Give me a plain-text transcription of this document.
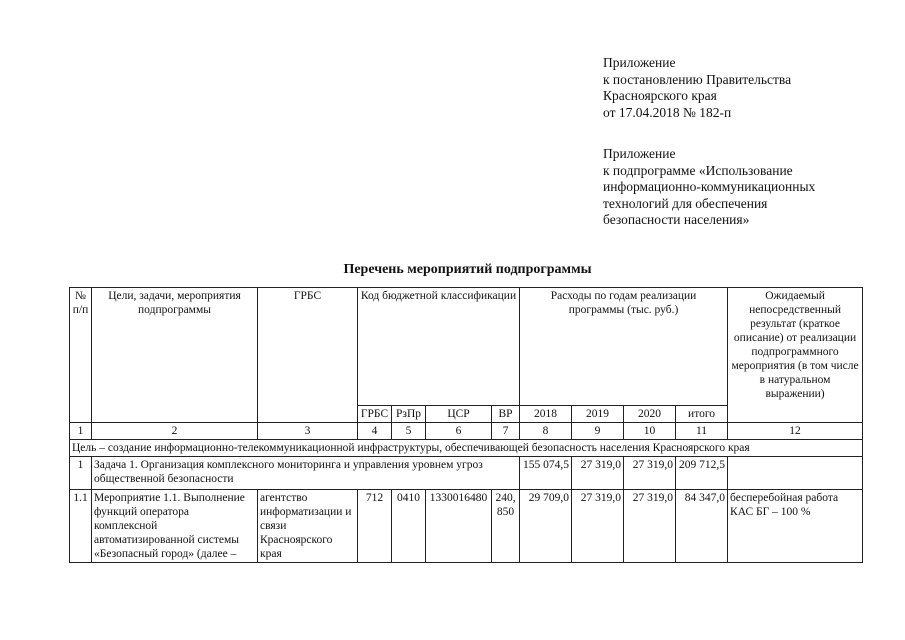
Приложение
к постановлению Правительства
Красноярского края
от 17.04.2018 № 182-п
Приложение
к подпрограмме «Использование
информационно-коммуникационных
технологий для обеспечения
безопасности населения»
Перечень мероприятий подпрограммы
№ п/п	Цели, задачи, мероприятия подпрограммы	ГРБС	Код бюджетной классификации				Расходы по годам реализации программы (тыс. руб.)				Ожидаемый непосредственный результат (краткое описание) от реализации подпрограммного мероприятия (в том числе в натуральном выражении)
			ГРБС	РзПр	ЦСР	ВР	2018	2019	2020	итого	
1	2	3	4	5	6	7	8	9	10	11	12
Цель – создание информационно-телекоммуникационной инфраструктуры, обеспечивающей безопасность населения Красноярского края											
1	Задача 1. Организация комплексного мониторинга и управления уровнем угроз общественной безопасности						155 074,5	27 319,0	27 319,0	209 712,5	
1.1	Мероприятие 1.1. Выполнение функций оператора комплексной автоматизированной системы «Безопасный город» (далее –	агентство информатизации и связи Красноярского края	712	0410	1330016480	240, 850	29 709,0	27 319,0	27 319,0	84 347,0	бесперебойная работа КАС БГ – 100 %
